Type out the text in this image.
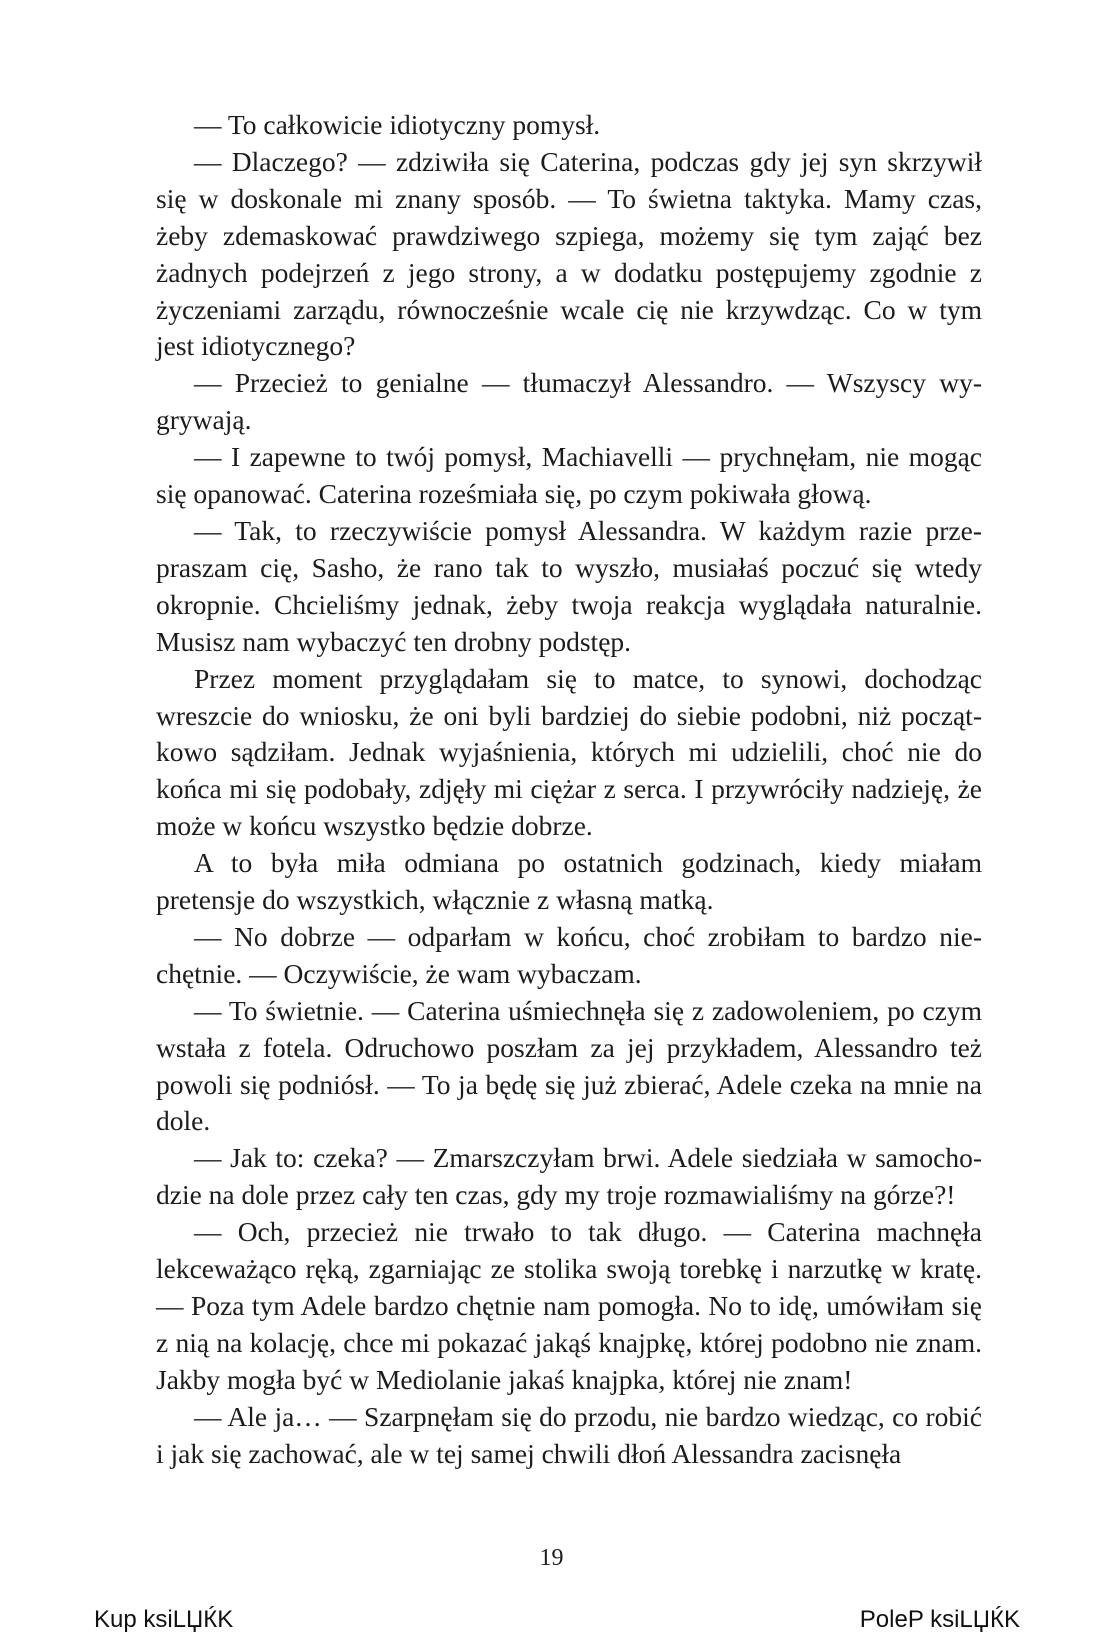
— To całkowicie idiotyczny pomysł.

— Dlaczego? — zdziwiła się Caterina, podczas gdy jej syn skrzywił się w doskonale mi znany sposób. — To świetna taktyka. Mamy czas, żeby zdemaskować prawdziwego szpiega, możemy się tym zająć bez żadnych podejrzeń z jego strony, a w dodatku postępujemy zgodnie z życzeniami zarządu, równocześnie wcale cię nie krzywdząc. Co w tym jest idiotycznego?

— Przecież to genialne — tłumaczył Alessandro. — Wszyscy wygrywają.

— I zapewne to twój pomysł, Machiavelli — prychnęłam, nie mogąc się opanować. Caterina roześmiała się, po czym pokiwała głową.

— Tak, to rzeczywiście pomysł Alessandra. W każdym razie przepraszam cię, Sasho, że rano tak to wyszło, musiałaś poczuć się wtedy okropnie. Chcieliśmy jednak, żeby twoja reakcja wyglądała naturalnie. Musisz nam wybaczyć ten drobny podstęp.

Przez moment przyglądałam się to matce, to synowi, dochodząc wreszcie do wniosku, że oni byli bardziej do siebie podobni, niż początkowo sądziłam. Jednak wyjaśnienia, których mi udzielili, choć nie do końca mi się podobały, zdjęły mi ciężar z serca. I przywróciły nadzieję, że może w końcu wszystko będzie dobrze.

A to była miła odmiana po ostatnich godzinach, kiedy miałam pretensje do wszystkich, włącznie z własną matką.

— No dobrze — odparłam w końcu, choć zrobiłam to bardzo niechętnie. — Oczywiście, że wam wybaczam.

— To świetnie. — Caterina uśmiechnęła się z zadowoleniem, po czym wstała z fotela. Odruchowo poszłam za jej przykładem, Alessandro też powoli się podniósł. — To ja będę się już zbierać, Adele czeka na mnie na dole.

— Jak to: czeka? — Zmarszczyłam brwi. Adele siedziała w samochodzie na dole przez cały ten czas, gdy my troje rozmawialiśmy na górze?!

— Och, przecież nie trwało to tak długo. — Caterina machnęła lekceważąco ręką, zgarniając ze stolika swoją torebkę i narzutkę w kratę. — Poza tym Adele bardzo chętnie nam pomogła. No to idę, umówiłam się z nią na kolację, chce mi pokazać jakąś knajpkę, której podobno nie znam. Jakby mogła być w Mediolanie jakaś knajpka, której nie znam!

— Ale ja… — Szarpnęłam się do przodu, nie bardzo wiedząc, co robić i jak się zachować, ale w tej samej chwili dłoń Alessandra zacisnęła

19
Kup ksiLЏЌK	PoleP ksiLЏЌK
